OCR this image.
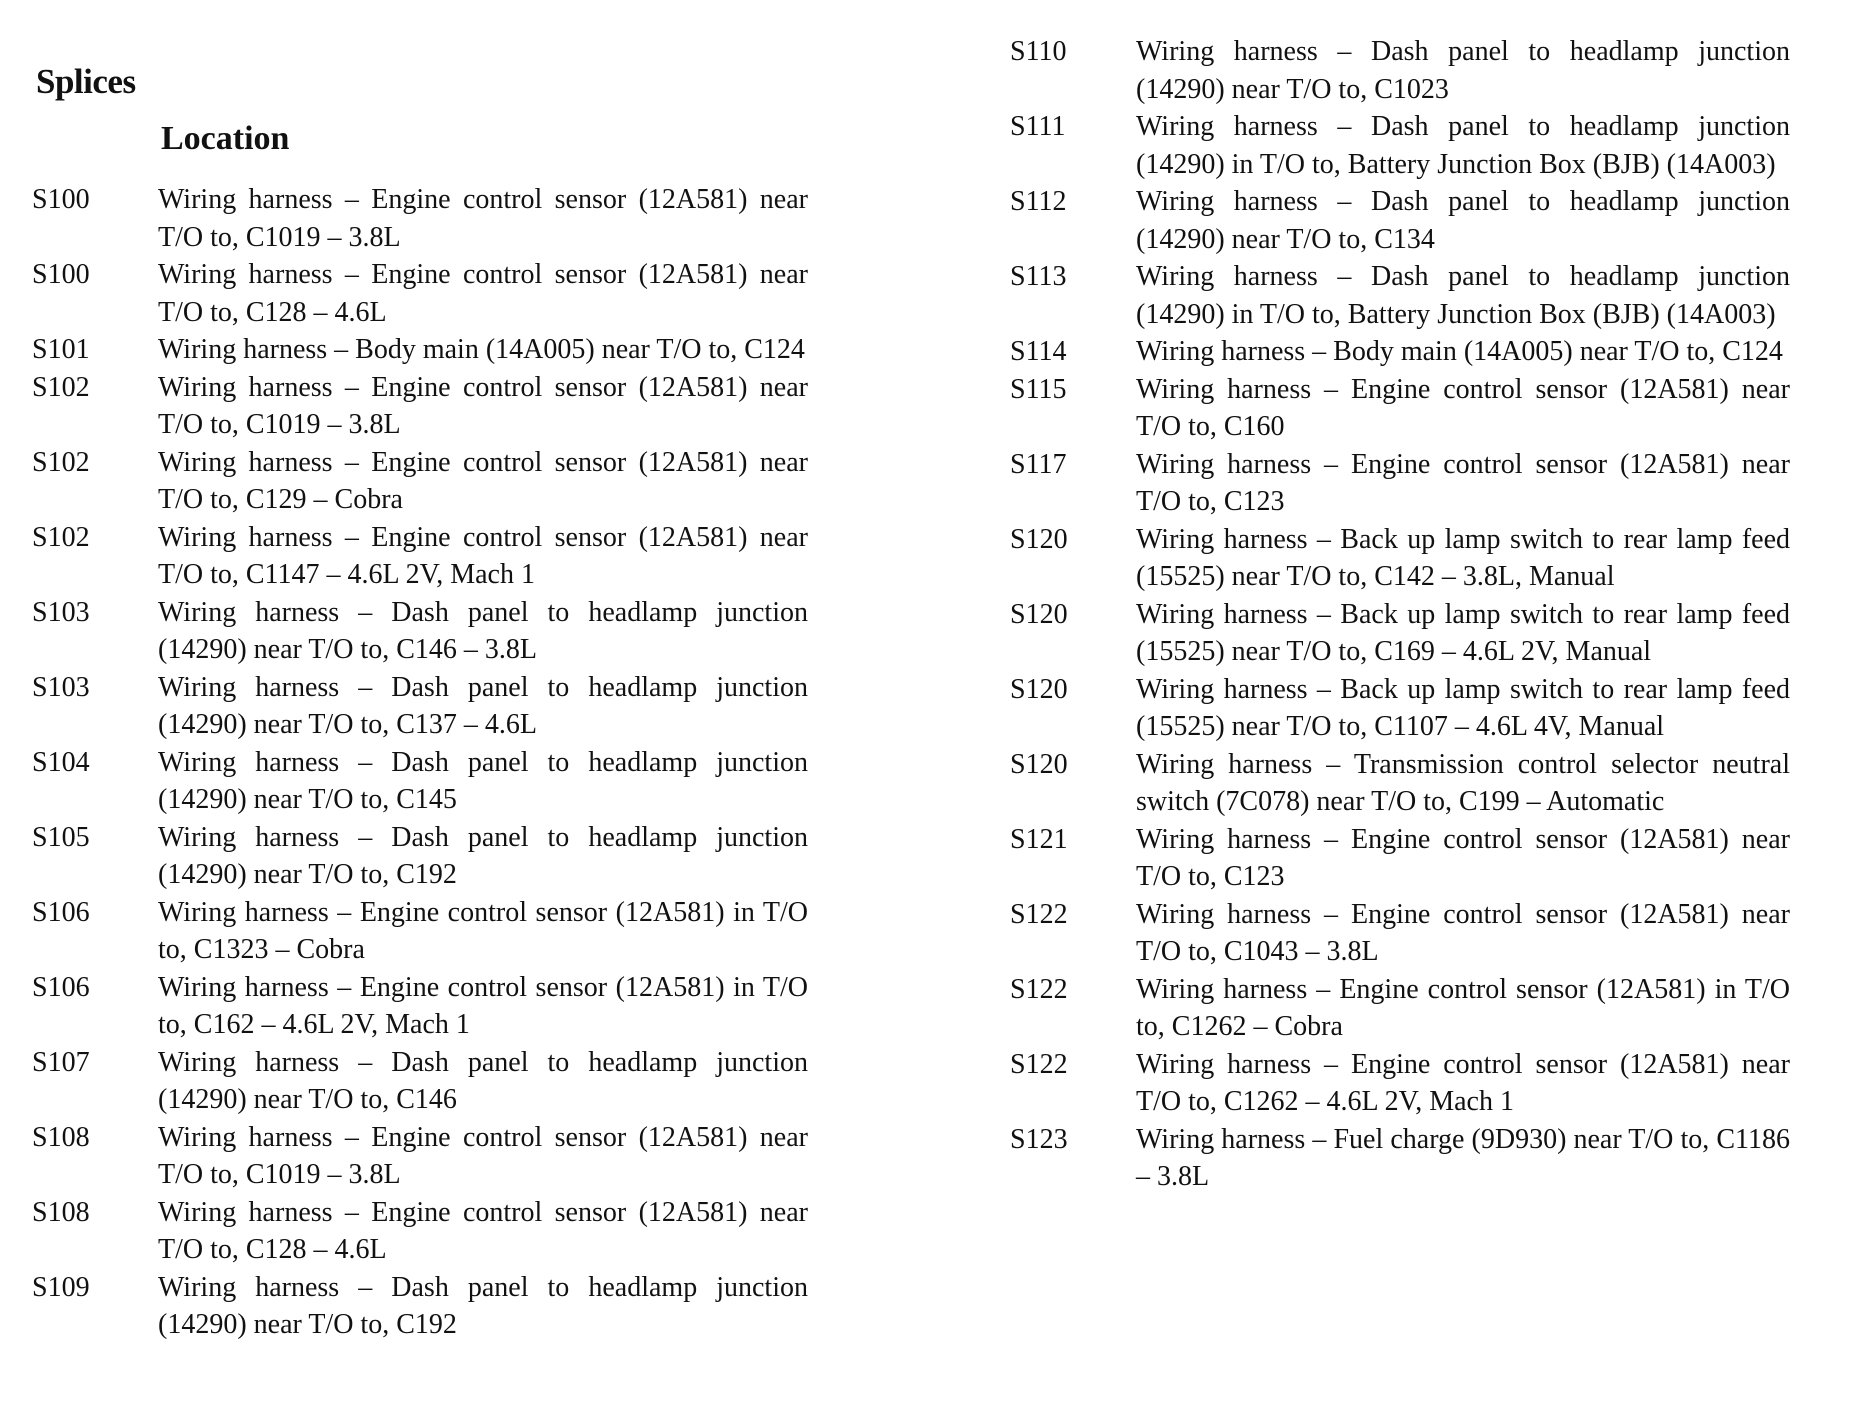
Splices
Location
S100	Wiring harness – Engine control sensor (12A581) near T/O to, C1019 – 3.8L
S100	Wiring harness – Engine control sensor (12A581) near T/O to, C128 – 4.6L
S101	Wiring harness – Body main (14A005) near T/O to, C124
S102	Wiring harness – Engine control sensor (12A581) near T/O to, C1019 – 3.8L
S102	Wiring harness – Engine control sensor (12A581) near T/O to, C129 – Cobra
S102	Wiring harness – Engine control sensor (12A581) near T/O to, C1147 – 4.6L 2V, Mach 1
S103	Wiring harness – Dash panel to headlamp junction (14290) near T/O to, C146 – 3.8L
S103	Wiring harness – Dash panel to headlamp junction (14290) near T/O to, C137 – 4.6L
S104	Wiring harness – Dash panel to headlamp junction (14290) near T/O to, C145
S105	Wiring harness – Dash panel to headlamp junction (14290) near T/O to, C192
S106	Wiring harness – Engine control sensor (12A581) in T/O to, C1323 – Cobra
S106	Wiring harness – Engine control sensor (12A581) in T/O to, C162 – 4.6L 2V, Mach 1
S107	Wiring harness – Dash panel to headlamp junction (14290) near T/O to, C146
S108	Wiring harness – Engine control sensor (12A581) near T/O to, C1019 – 3.8L
S108	Wiring harness – Engine control sensor (12A581) near T/O to, C128 – 4.6L
S109	Wiring harness – Dash panel to headlamp junction (14290) near T/O to, C192
S110	Wiring harness – Dash panel to headlamp junction (14290) near T/O to, C1023
S111	Wiring harness – Dash panel to headlamp junction (14290) in T/O to, Battery Junction Box (BJB) (14A003)
S112	Wiring harness – Dash panel to headlamp junction (14290) near T/O to, C134
S113	Wiring harness – Dash panel to headlamp junction (14290) in T/O to, Battery Junction Box (BJB) (14A003)
S114	Wiring harness – Body main (14A005) near T/O to, C124
S115	Wiring harness – Engine control sensor (12A581) near T/O to, C160
S117	Wiring harness – Engine control sensor (12A581) near T/O to, C123
S120	Wiring harness – Back up lamp switch to rear lamp feed (15525) near T/O to, C142 – 3.8L, Manual
S120	Wiring harness – Back up lamp switch to rear lamp feed (15525) near T/O to, C169 – 4.6L 2V, Manual
S120	Wiring harness – Back up lamp switch to rear lamp feed (15525) near T/O to, C1107 – 4.6L 4V, Manual
S120	Wiring harness – Transmission control selector neutral switch (7C078) near T/O to, C199 – Automatic
S121	Wiring harness – Engine control sensor (12A581) near T/O to, C123
S122	Wiring harness – Engine control sensor (12A581) near T/O to, C1043 – 3.8L
S122	Wiring harness – Engine control sensor (12A581) in T/O to, C1262 – Cobra
S122	Wiring harness – Engine control sensor (12A581) near T/O to, C1262 – 4.6L 2V, Mach 1
S123	Wiring harness – Fuel charge (9D930) near T/O to, C1186 – 3.8L
